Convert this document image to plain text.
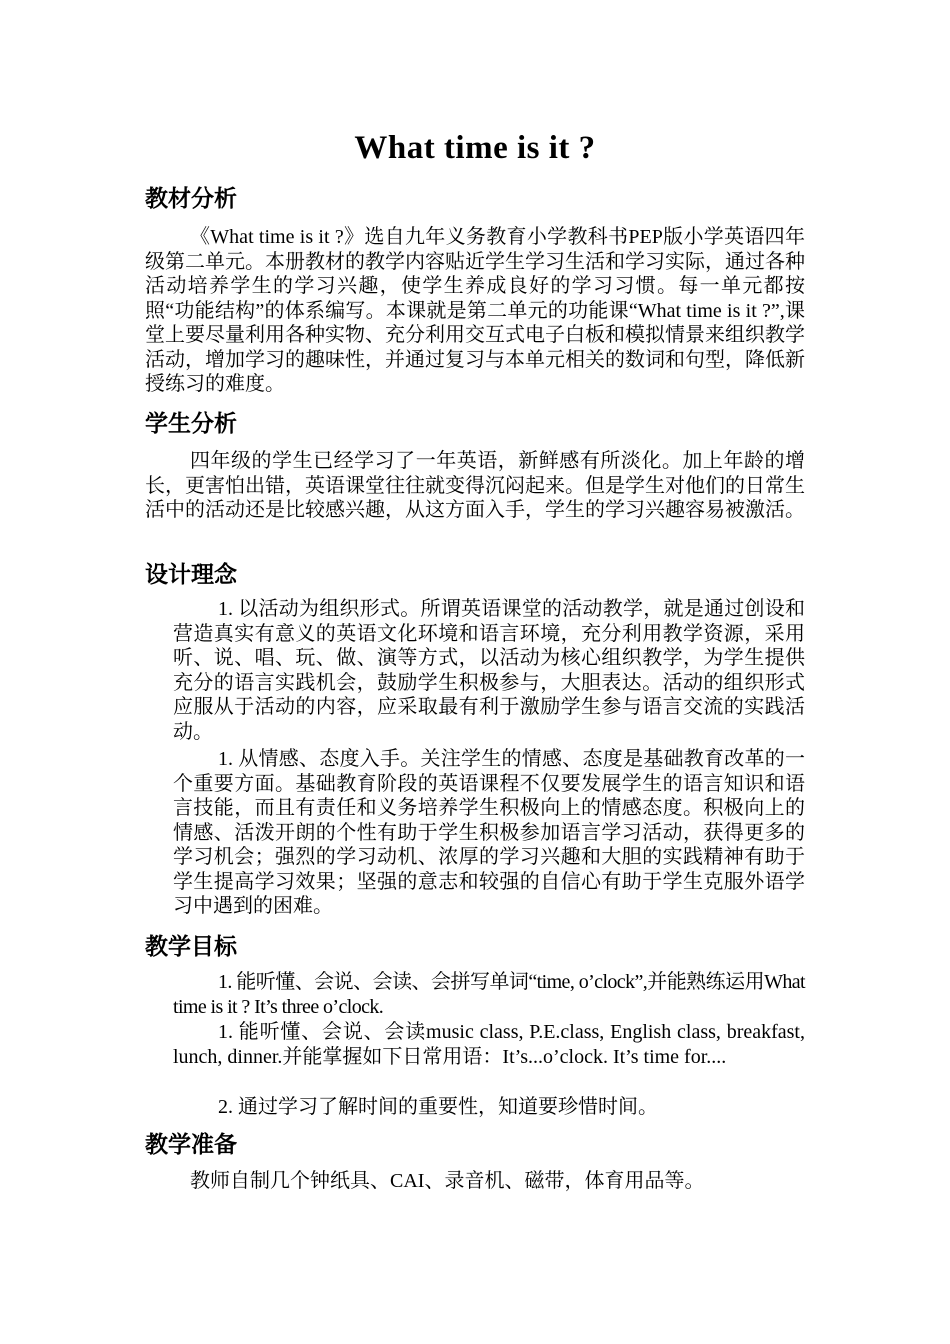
What time is it ?
教材分析

《What time is it ?》选自九年义务教育小学教科书PEP版小学英语四年级第二单元。本册教材的教学内容贴近学生学习生活和学习实际，通过各种活动培养学生的学习兴趣，使学生养成良好的学习习惯。每一单元都按照“功能结构”的体系编写。本课就是第二单元的功能课“What time is it ?”,课堂上要尽量利用各种实物、充分利用交互式电子白板和模拟情景来组织教学活动，增加学习的趣味性，并通过复习与本单元相关的数词和句型，降低新授练习的难度。

学生分析

四年级的学生已经学习了一年英语，新鲜感有所淡化。加上年龄的增长，更害怕出错，英语课堂往往就变得沉闷起来。但是学生对他们的日常生活中的活动还是比较感兴趣，从这方面入手，学生的学习兴趣容易被激活。

设计理念

1. 以活动为组织形式。所谓英语课堂的活动教学，就是通过创设和营造真实有意义的英语文化环境和语言环境，充分利用教学资源，采用听、说、唱、玩、做、演等方式，以活动为核心组织教学，为学生提供充分的语言实践机会，鼓励学生积极参与，大胆表达。活动的组织形式应服从于活动的内容，应采取最有利于激励学生参与语言交流的实践活动。

1. 从情感、态度入手。关注学生的情感、态度是基础教育改革的一个重要方面。基础教育阶段的英语课程不仅要发展学生的语言知识和语言技能，而且有责任和义务培养学生积极向上的情感态度。积极向上的情感、活泼开朗的个性有助于学生积极参加语言学习活动，获得更多的学习机会；强烈的学习动机、浓厚的学习兴趣和大胆的实践精神有助于学生提高学习效果；坚强的意志和较强的自信心有助于学生克服外语学习中遇到的困难。

教学目标

1. 能听懂、会说、会读、会拼写单词“time, o’clock”,并能熟练运用What time is it ? It’s three o’clock.

1. 能听懂、会说、会读music class, P.E.class, English class, breakfast, lunch, dinner.并能掌握如下日常用语：It’s...o’clock. It’s time for....

2. 通过学习了解时间的重要性，知道要珍惜时间。

教学准备

教师自制几个钟纸具、CAI、录音机、磁带，体育用品等。
